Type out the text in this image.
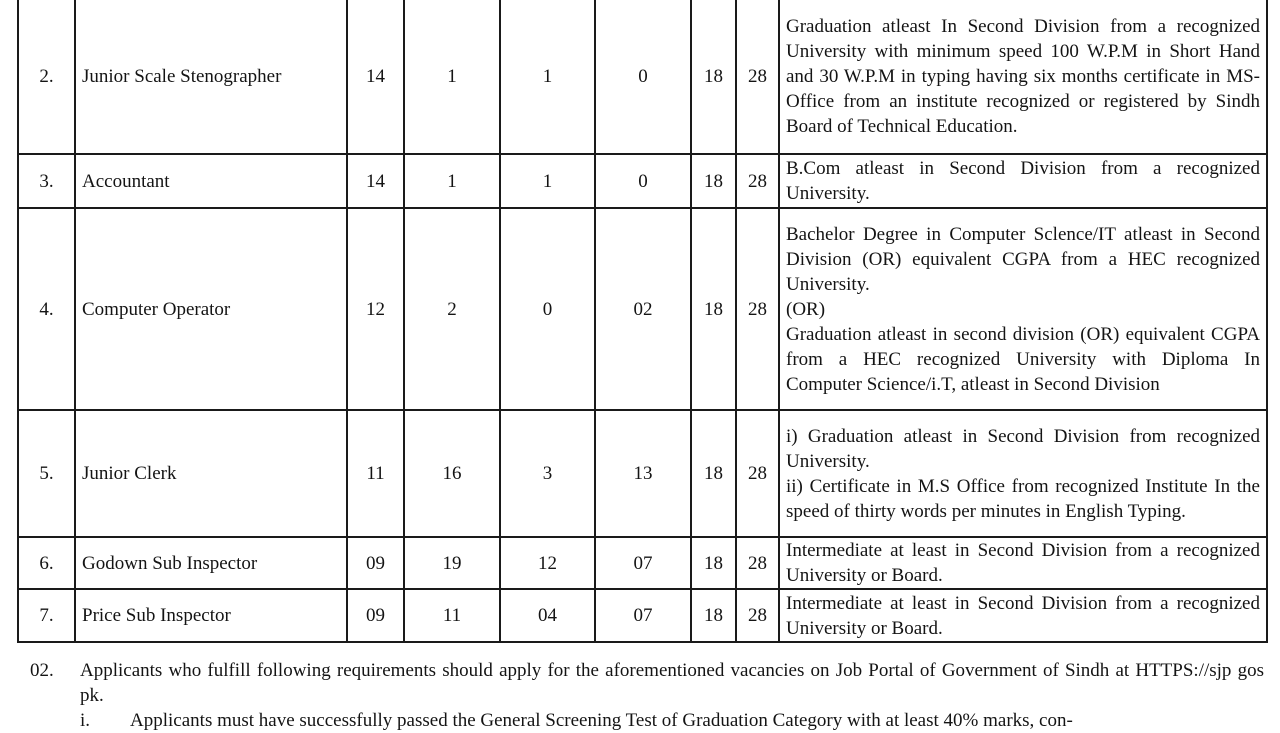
2.	Junior Scale Stenographer	14	1	1	0	18	28	Graduation atleast In Second Division from a recognized University with minimum speed 100 W.P.M in Short Hand and 30 W.P.M in typing having six months certificate in MS-Office from an institute recognized or registered by Sindh Board of Technical Education.
3.	Accountant	14	1	1	0	18	28	B.Com atleast in Second Division from a recognized University.
4.	Computer Operator	12	2	0	02	18	28	Bachelor Degree in Computer Sclence/IT atleast in Second Division (OR) equivalent CGPA from a HEC recognized University.
(OR)
Graduation atleast in second division (OR) equivalent CGPA from a HEC recognized University with Diploma In Computer Science/i.T, atleast in Second Division
5.	Junior Clerk	11	16	3	13	18	28	i) Graduation atleast in Second Division from recognized University.
ii) Certificate in M.S Office from recognized Institute In the speed of thirty words per minutes in English Typing.

6.	Godown Sub Inspector	09	19	12	07	18	28	Intermediate at least in Second Division from a recognized University or Board.
7.	Price Sub Inspector	09	11	04	07	18	28	Intermediate at least in Second Division from a recognized University or Board.
02. Applicants who fulfill following requirements should apply for the aforementioned vacancies on Job Portal of Government of Sindh at HTTPS://sjp gos pk.
i. Applicants must have successfully passed the General Screening Test of Graduation Category with at least 40% marks, con-
